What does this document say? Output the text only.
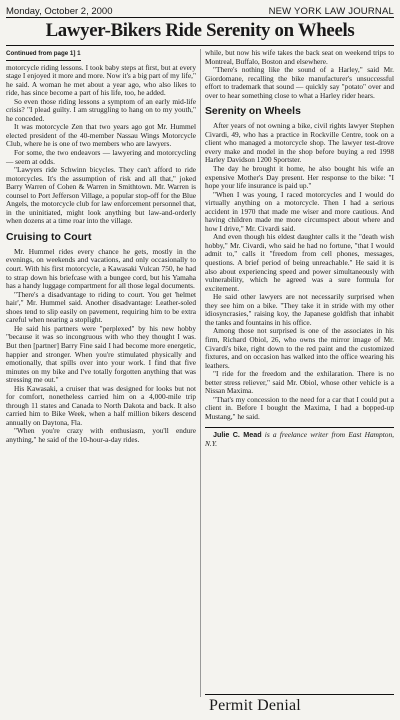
Monday, October 2, 2000	NEW YORK LAW JOURNAL
Lawyer-Bikers Ride Serenity on Wheels
Continued from page 1] 1

motorcycle riding lessons. I took baby steps at first, but at every stage I enjoyed it more and more. Now it's a big part of my life," he said. A woman he met about a year ago, who also likes to ride, has since become a part of his life, too, he added.

So even those riding lessons a symptom of an early mid-life crisis? "I plead guilty. I am struggling to hang on to my youth," he conceded.

It was motorcycle Zen that two years ago got Mr. Hummel elected president of the 40-member Nassau Wings Motorcycle Club, where he is one of two members who are lawyers.

For some, the two endeavors — lawyering and motorcycling — seem at odds.

"Lawyers ride Schwinn bicycles. They can't afford to ride motorcycles. It's the assumption of risk and all that," joked Barry Warren of Cohen & Warren in Smithtown. Mr. Warren is counsel to Port Jefferson Village, a popular stop-off for the Blue Angels, the motorcycle club for law enforcement personnel that, in the uninitiated, might look anything but law-and-orderly when dozens at a time roar into the village.

Cruising to Court

Mr. Hummel rides every chance he gets, mostly in the evenings, on weekends and vacations, and only occasionally to court. With his first motorcycle, a Kawasaki Vulcan 750, he had to strap down his briefcase with a bungee cord, but his Yamaha has a handy luggage compartment for all those legal documents.

"There's a disadvantage to riding to court. You get 'helmet hair'," Mr. Hummel said. Another disadvantage: Leather-soled shoes tend to slip easily on pavement, requiring him to be extra careful when nearing a stoplight.

He said his partners were "perplexed" by his new hobby "because it was so incongruous with who they thought I was. But then [partner] Barry Fine said I had become more energetic, happier and stronger. When you're stimulated physically and emotionally, that spills over into your work. I find that five minutes on my bike and I've totally forgotten anything that was stressing me out."

His Kawasaki, a cruiser that was designed for looks but not for comfort, nonetheless carried him on a 4,000-mile trip through 11 states and Canada to North Dakota and back. It also carried him to Bike Week, when a half million bikers descend annually on Daytona, Fla.

"When you're crazy with enthusiasm, you'll endure anything," he said of the 10-hour-a-day rides.

while, but now his wife takes the back seat on weekend trips to Montreal, Buffalo, Boston and elsewhere.

"There's nothing like the sound of a Harley," said Mr. Giordomane, recalling the bike manufacturer's unsuccessful effort to trademark that sound — quickly say "potato" over and over to hear something close to what a Harley rider hears.

Serenity on Wheels

After years of not owning a bike, civil rights lawyer Stephen Civardi, 49, who has a practice in Rockville Centre, took on a client who managed a motorcycle shop. The lawyer test-drove every make and model in the shop before buying a red 1998 Harley Davidson 1200 Sportster.

The day he brought it home, he also bought his wife an expensive Mother's Day present. Her response to the bike: "I hope your life insurance is paid up."

"When I was young, I raced motorcycles and I would do virtually anything on a motorcycle. Then I had a serious accident in 1970 that made me wiser and more cautious. And having children made me more circumspect about where and how I drive," Mr. Civardi said.

And even though his eldest daughter calls it the "death wish hobby," Mr. Civardi, who said he had no fortune, "that I would admit to," calls it "freedom from cell phones, messages, questions. A brief period of being unreachable." He said it is also about experiencing speed and power simultaneously with vulnerability, which he agreed was a sure formula for excitement.

He said other lawyers are not necessarily surprised when they see him on a bike. "They take it in stride with my other idiosyncrasies," raising koy, the Japanese goldfish that inhabit the tanks and fountains in his office.

Among those not surprised is one of the associates in his firm, Richard Obiol, 26, who owns the mirror image of Mr. Civardi's bike, right down to the red paint and the customized fixtures, and on occasion has walked into the office wearing his leathers.

"I ride for the freedom and the exhilaration. There is no better stress reliever," said Mr. Obiol, whose other vehicle is a Nissan Maxima.

"That's my concession to the need for a car that I could put a client in. Before I bought the Maxima, I had a bopped-up Mustang," he said.

Julie C. Mead is a freelance writer from East Hampton, N.Y.

Permit Denial
